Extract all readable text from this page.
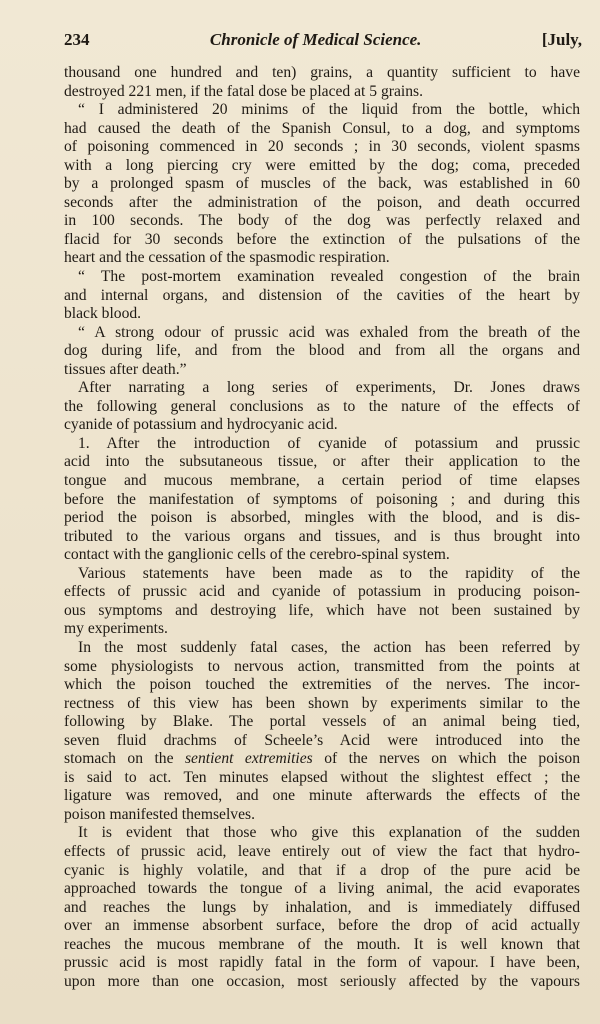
234	Chronicle of Medical Science.	[July,
thousand one hundred and ten) grains, a quantity sufficient to have
destroyed 221 men, if the fatal dose be placed at 5 grains.
“ I administered 20 minims of the liquid from the bottle, which
had caused the death of the Spanish Consul, to a dog, and symptoms
of poisoning commenced in 20 seconds ; in 30 seconds, violent spasms
with a long piercing cry were emitted by the dog; coma, preceded
by a prolonged spasm of muscles of the back, was established in 60
seconds after the administration of the poison, and death occurred
in 100 seconds. The body of the dog was perfectly relaxed and
flacid for 30 seconds before the extinction of the pulsations of the
heart and the cessation of the spasmodic respiration.
“ The post-mortem examination revealed congestion of the brain
and internal organs, and distension of the cavities of the heart by
black blood.
“ A strong odour of prussic acid was exhaled from the breath of the
dog during life, and from the blood and from all the organs and
tissues after death.”
After narrating a long series of experiments, Dr. Jones draws
the following general conclusions as to the nature of the effects of
cyanide of potassium and hydrocyanic acid.
1. After the introduction of cyanide of potassium and prussic
acid into the subsutaneous tissue, or after their application to the
tongue and mucous membrane, a certain period of time elapses
before the manifestation of symptoms of poisoning ; and during this
period the poison is absorbed, mingles with the blood, and is dis-
tributed to the various organs and tissues, and is thus brought into
contact with the ganglionic cells of the cerebro-spinal system.
Various statements have been made as to the rapidity of the
effects of prussic acid and cyanide of potassium in producing poison-
ous symptoms and destroying life, which have not been sustained by
my experiments.
In the most suddenly fatal cases, the action has been referred by
some physiologists to nervous action, transmitted from the points at
which the poison touched the extremities of the nerves. The incor-
rectness of this view has been shown by experiments similar to the
following by Blake. The portal vessels of an animal being tied,
seven fluid drachms of Scheele’s Acid were introduced into the
stomach on the sentient extremities of the nerves on which the poison
is said to act. Ten minutes elapsed without the slightest effect ; the
ligature was removed, and one minute afterwards the effects of the
poison manifested themselves.
It is evident that those who give this explanation of the sudden
effects of prussic acid, leave entirely out of view the fact that hydro-
cyanic is highly volatile, and that if a drop of the pure acid be
approached towards the tongue of a living animal, the acid evaporates
and reaches the lungs by inhalation, and is immediately diffused
over an immense absorbent surface, before the drop of acid actually
reaches the mucous membrane of the mouth. It is well known that
prussic acid is most rapidly fatal in the form of vapour. I have been,
upon more than one occasion, most seriously affected by the vapours
